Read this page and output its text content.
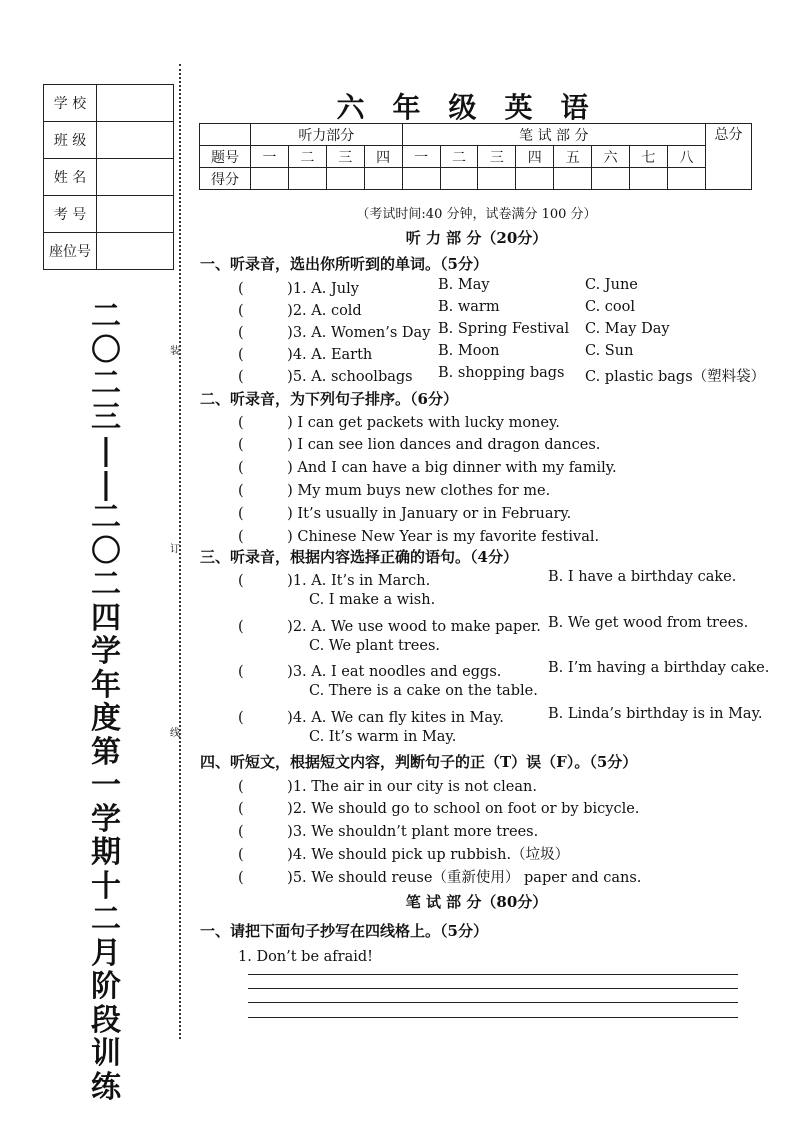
学 校	
班 级	
姓 名	
考 号	
座位号	
二
〇
二
三
|
|
二
〇
二
四
学
年
度
第
一
学
期
十
二
月
阶
段
训
练
装
订
线
六年级英语
	听力部分				笔 试 部 分								总分
题号	一	二	三	四	一	二	三	四	五	六	七	八	
得分													
（考试时间:40 分钟，试卷满分 100 分）
听 力 部 分（20分）
一、听录音，选出你所听到的单词。（5分）
(　　　)1. A. July	B. May	C. June
(　　　)2. A. cold	B. warm	C. cool
(　　　)3. A. Women’s Day B. Spring Festival C. May Day
(　　　)4. A. Earth	B. Moon	C. Sun
(　　　)5. A. schoolbags B. shopping bags C. plastic bags（塑料袋）
二、听录音，为下列句子排序。（6分）
(　　　) I can get packets with lucky money.
(　　　) I can see lion dances and dragon dances.
(　　　) And I can have a big dinner with my family.
(　　　) My mum buys new clothes for me.
(　　　) It’s usually in January or in February.
(　　　) Chinese New Year is my favorite festival.
三、听录音，根据内容选择正确的语句。（4分）
(　　　)1. A. It’s in March.	B. I have a birthday cake.
C. I make a wish.
(　　　)2. A. We use wood to make paper. B. We get wood from trees.
C. We plant trees.
(　　　)3. A. I eat noodles and eggs.	B. I’m having a birthday cake.
C. There is a cake on the table.
(　　　)4. A. We can fly kites in May.	B. Linda’s birthday is in May.
C. It’s warm in May.
四、听短文，根据短文内容，判断句子的正（T）误（F）。（5分）
(　　　)1. The air in our city is not clean.
(　　　)2. We should go to school on foot or by bicycle.
(　　　)3. We shouldn’t plant more trees.
(　　　)4. We should pick up rubbish.（垃圾）
(　　　)5. We should reuse（重新使用） paper and cans.
笔 试 部 分（80分）
一、请把下面句子抄写在四线格上。（5分）
1. Don’t be afraid!
